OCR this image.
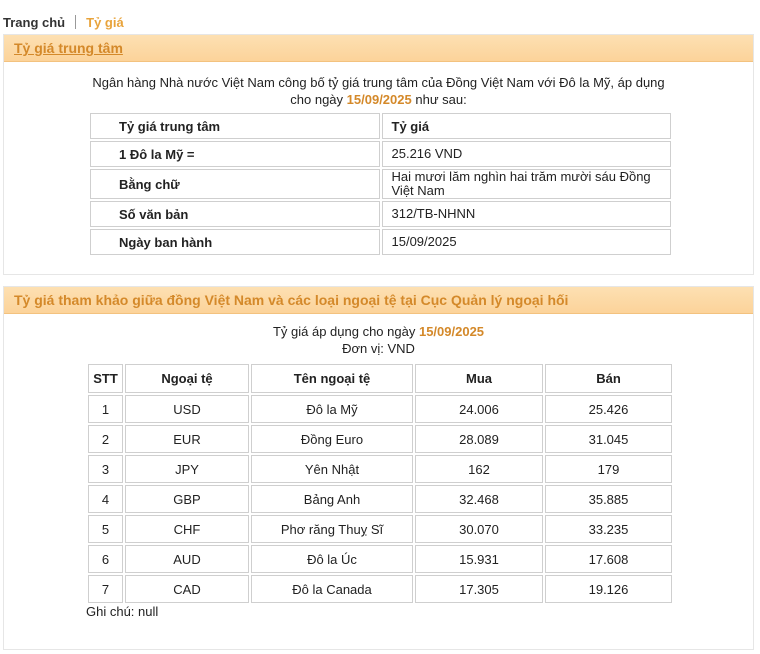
Trang chủ Tỷ giá
Tỷ giá trung tâm
Ngân hàng Nhà nước Việt Nam công bố tỷ giá trung tâm của Đồng Việt Nam với Đô la Mỹ, áp dụng
cho ngày 15/09/2025 như sau:
Tỷ giá trung tâm	Tỷ giá
1 Đô la Mỹ =	25.216 VND
Bằng chữ	Hai mươi lăm nghìn hai trăm mười sáu Đồng Việt Nam
Số văn bản	312/TB-NHNN
Ngày ban hành	15/09/2025
Tỷ giá tham khảo giữa đồng Việt Nam và các loại ngoại tệ tại Cục Quản lý ngoại hối
Tỷ giá áp dụng cho ngày 15/09/2025
Đơn vị: VND
STT	Ngoại tệ	Tên ngoại tệ	Mua	Bán
1	USD	Đô la Mỹ	24.006	25.426
2	EUR	Đồng Euro	28.089	31.045
3	JPY	Yên Nhật	162	179
4	GBP	Bảng Anh	32.468	35.885
5	CHF	Phơ răng Thuỵ Sĩ	30.070	33.235
6	AUD	Đô la Úc	15.931	17.608
7	CAD	Đô la Canada	17.305	19.126
Ghi chú: null
